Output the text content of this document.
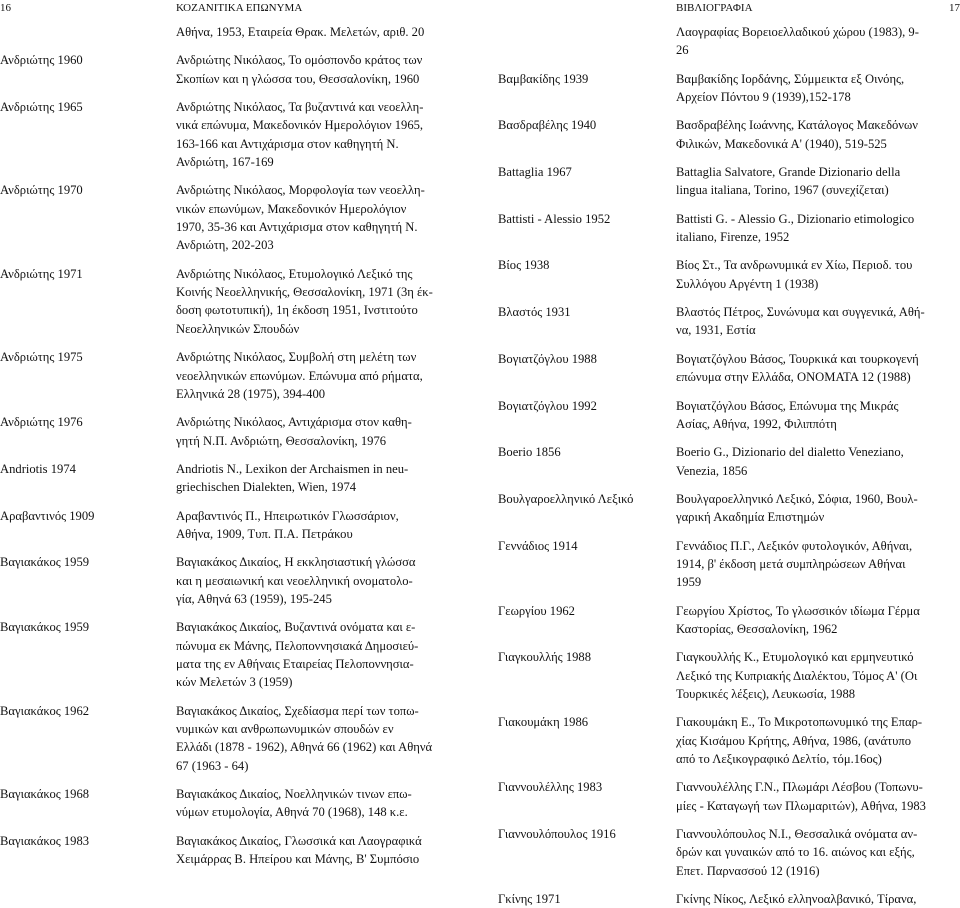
16	ΚΟΖΑΝΙΤΙΚΑ ΕΠΩΝΥΜΑ	ΒΙΒΛΙΟΓΡΑΦΙΑ	17
Αθήνα, 1953, Εταιρεία Θρακ. Μελετών, αριθ. 20
Ανδριώτης 1960	Ανδριώτης Νικόλαος, Το ομόσπονδο κράτος των
Σκοπίων και η γλώσσα του, Θεσσαλονίκη, 1960
Ανδριώτης 1965	Ανδριώτης Νικόλαος, Τα βυζαντινά και νεοελλη-
νικά επώνυμα, Μακεδονικόν Ημερολόγιον 1965,
163-166 και Αντιχάρισμα στον καθηγητή Ν.
Ανδριώτη, 167-169
Ανδριώτης 1970	Ανδριώτης Νικόλαος, Μορφολογία των νεοελλη-
νικών επωνύμων, Μακεδονικόν Ημερολόγιον
1970, 35-36 και Αντιχάρισμα στον καθηγητή Ν.
Ανδριώτη, 202-203
Ανδριώτης 1971	Ανδριώτης Νικόλαος, Ετυμολογικό Λεξικό της
Κοινής Νεοελληνικής, Θεσσαλονίκη, 1971 (3η έκ-
δοση φωτοτυπική), 1η έκδοση 1951, Ινστιτούτο
Νεοελληνικών Σπουδών
Ανδριώτης 1975	Ανδριώτης Νικόλαος, Συμβολή στη μελέτη των
νεοελληνικών επωνύμων. Επώνυμα από ρήματα,
Ελληνικά 28 (1975), 394-400
Ανδριώτης 1976	Ανδριώτης Νικόλαος, Αντιχάρισμα στον καθη-
γητή Ν.Π. Ανδριώτη, Θεσσαλονίκη, 1976
Andriotis 1974	Andriotis N., Lexikon der Archaismen in neu-
griechischen Dialekten, Wien, 1974
Αραβαντινός 1909	Αραβαντινός Π., Ηπειρωτικόν Γλωσσάριον,
Αθήνα, 1909, Τυπ. Π.Α. Πετράκου
Βαγιακάκος 1959	Βαγιακάκος Δικαίος, Η εκκλησιαστική γλώσσα
και η μεσαιωνική και νεοελληνική ονοματολο-
γία, Αθηνά 63 (1959), 195-245
Βαγιακάκος 1959	Βαγιακάκος Δικαίος, Βυζαντινά ονόματα και ε-
πώνυμα εκ Μάνης, Πελοποννησιακά Δημοσιεύ-
ματα της εν Αθήναις Εταιρείας Πελοποννησια-
κών Μελετών 3 (1959)
Βαγιακάκος 1962	Βαγιακάκος Δικαίος, Σχεδίασμα περί των τοπω-
νυμικών και ανθρωπωνυμικών σπουδών εν
Ελλάδι (1878 - 1962), Αθηνά 66 (1962) και Αθηνά
67 (1963 - 64)
Βαγιακάκος 1968	Βαγιακάκος Δικαίος, Νοελληνικών τινων επω-
νύμων ετυμολογία, Αθηνά 70 (1968), 148 κ.ε.
Βαγιακάκος 1983	Βαγιακάκος Δικαίος, Γλωσσικά και Λαογραφικά
Χειμάρρας Β. Ηπείρου και Μάνης, Β' Συμπόσιο
Λαογραφίας Βορειοελλαδικού χώρου (1983), 9-
26
Βαμβακίδης 1939	Βαμβακίδης Ιορδάνης, Σύμμεικτα εξ Οινόης,
Αρχείον Πόντου 9 (1939),152-178
Βασδραβέλης 1940	Βασδραβέλης Ιωάννης, Κατάλογος Μακεδόνων
Φιλικών, Μακεδονικά Α' (1940), 519-525
Battaglia 1967	Battaglia Salvatore, Grande Dizionario della
lingua italiana, Torino, 1967 (συνεχίζεται)
Battisti - Alessio 1952	Battisti G. - Alessio G., Dizionario etimologico
italiano, Firenze, 1952
Βίος 1938	Βίος Στ., Τα ανδρωνυμικά εν Χίω, Περιοδ. του
Συλλόγου Αργέντη 1 (1938)
Βλαστός 1931	Βλαστός Πέτρος, Συνώνυμα και συγγενικά, Αθή-
να, 1931, Εστία
Βογιατζόγλου 1988	Βογιατζόγλου Βάσος, Τουρκικά και τουρκογενή
επώνυμα στην Ελλάδα, ΟΝΟΜΑΤΑ 12 (1988)
Βογιατζόγλου 1992	Βογιατζόγλου Βάσος, Επώνυμα της Μικράς
Ασίας, Αθήνα, 1992, Φιλιππότη
Boerio 1856	Boerio G., Dizionario del dialetto Veneziano,
Venezia, 1856
Βουλγαροελληνικό Λεξικό	Βουλγαροελληνικό Λεξικό, Σόφια, 1960, Βουλ-
γαρική Ακαδημία Επιστημών
Γεννάδιος 1914	Γεννάδιος Π.Γ., Λεξικόν φυτολογικόν, Αθήναι,
1914, β' έκδοση μετά συμπληρώσεων Αθήναι
1959
Γεωργίου 1962	Γεωργίου Χρίστος, Το γλωσσικόν ιδίωμα Γέρμα
Καστορίας, Θεσσαλονίκη, 1962
Γιαγκουλλής 1988	Γιαγκουλλής Κ., Ετυμολογικό και ερμηνευτικό
Λεξικό της Κυπριακής Διαλέκτου, Τόμος Α' (Οι
Τουρκικές λέξεις), Λευκωσία, 1988
Γιακουμάκη 1986	Γιακουμάκη Ε., Το Μικροτοπωνυμικό της Επαρ-
χίας Κισάμου Κρήτης, Αθήνα, 1986, (ανάτυπο
από το Λεξικογραφικό Δελτίο, τόμ.16ος)
Γιαννουλέλλης 1983	Γιαννουλέλλης Γ.Ν., Πλωμάρι Λέσβου (Τοπωνυ-
μίες - Καταγωγή των Πλωμαριτών), Αθήνα, 1983
Γιαννουλόπουλος 1916	Γιαννουλόπουλος Ν.Ι., Θεσσαλικά ονόματα αν-
δρών και γυναικών από το 16. αιώνος και εξής,
Επετ. Παρνασσού 12 (1916)
Γκίνης 1971	Γκίνης Νίκος, Λεξικό ελληνοαλβανικό, Τίρανα,
